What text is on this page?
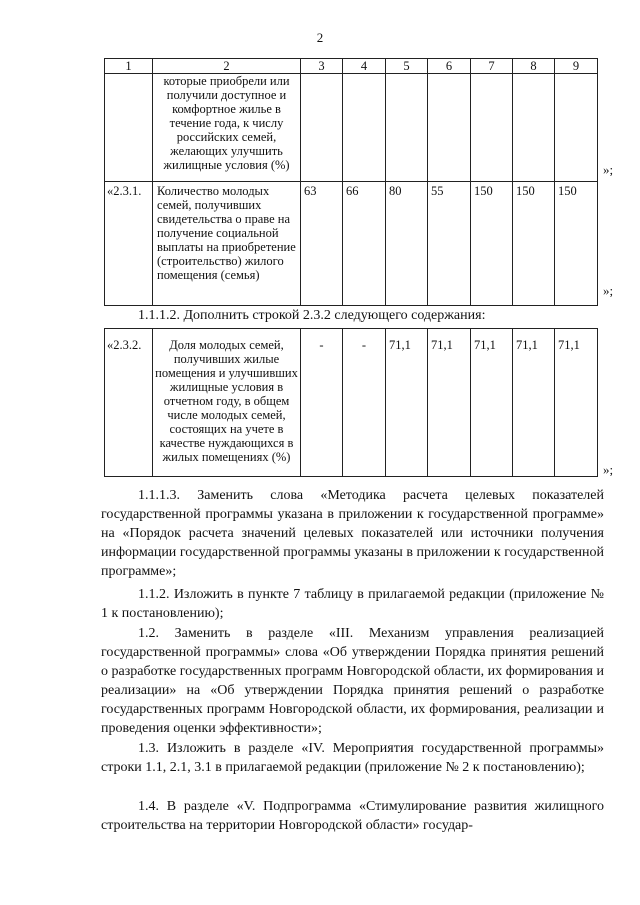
2
1	2	3	4	5	6	7	8	9
	которые приобрели или получили доступное и комфортное жилье в течение года, к числу российских семей, желающих улучшить жилищные условия (%)							
«2.3.1.	Количество молодых семей, получивших свидетельства о праве на получение социальной выплаты на приобретение (строительство) жилого помещения (семья)	63	66	80	55	150	150	150
»;
»;
1.1.1.2. Дополнить строкой 2.3.2 следующего содержания:
«2.3.2.	Доля молодых семей, получивших жилые помещения и улучшивших жилищные условия в отчетном году, в общем числе молодых семей, состоящих на учете в качестве нуждающихся в жилых помещениях (%)	-	-	71,1	71,1	71,1	71,1	71,1
»;
1.1.1.3. Заменить слова «Методика расчета целевых показателей государственной программы указана в приложении к государственной программе» на «Порядок расчета значений целевых показателей или источники получения информации государственной программы указаны в приложении к государственной программе»;
1.1.2. Изложить в пункте 7 таблицу в прилагаемой редакции (приложение № 1 к постановлению);
1.2. Заменить в разделе «III. Механизм управления реализацией государственной программы» слова «Об утверждении Порядка принятия решений о разработке государственных программ Новгородской области, их формирования и реализации» на «Об утверждении Порядка принятия решений о разработке государственных программ Новгородской области, их формирования, реализации и проведения оценки эффективности»;
1.3. Изложить в разделе «IV. Мероприятия государственной программы» строки 1.1, 2.1, 3.1 в прилагаемой редакции (приложение № 2 к постановлению);
1.4. В разделе «V. Подпрограмма «Стимулирование развития жилищного строительства на территории Новгородской области» государ-
